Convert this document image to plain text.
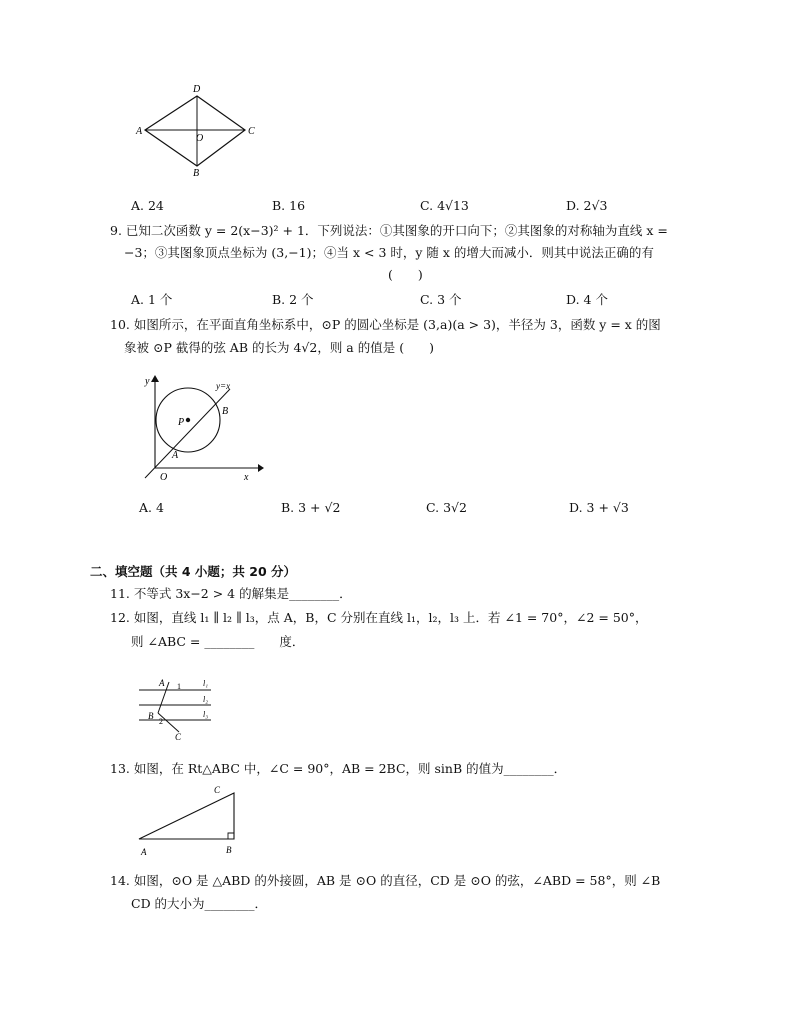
D
A
O
C
B
A. 24	B. 16	C. 4√13	D. 2√3
9. 已知二次函数 y = 2(x−3)² + 1．下列说法：①其图象的开口向下；②其图象的对称轴为直线 x =
−3；③其图象顶点坐标为 (3,−1)；④当 x < 3 时，y 随 x 的增大而减小．则其中说法正确的有
(　　)
A. 1 个	B. 2 个	C. 3 个	D. 4 个
10. 如图所示，在平面直角坐标系中，⊙P 的圆心坐标是 (3,a)(a > 3)，半径为 3，函数 y = x 的图
象被 ⊙P 截得的弦 AB 的长为 4√2，则 a 的值是 (　　)
y
x
y=x
P
B
A
O
A. 4	B. 3 + √2	C. 3√2	D. 3 + √3
二、填空题（共 4 小题；共 20 分）
11. 不等式 3x−2 > 4 的解集是________．
12. 如图，直线 l₁ ∥ l₂ ∥ l₃，点 A，B，C 分别在直线 l₁，l₂，l₃ 上．若 ∠1 = 70°，∠2 = 50°，
则 ∠ABC = ________　　度．
A 1
B
2
C
l₁
l₂
l₃
13. 如图，在 Rt△ABC 中，∠C = 90°，AB = 2BC，则 sinB 的值为________．
C
A	B
14. 如图，⊙O 是 △ABD 的外接圆，AB 是 ⊙O 的直径，CD 是 ⊙O 的弦，∠ABD = 58°，则 ∠B
CD 的大小为________．
